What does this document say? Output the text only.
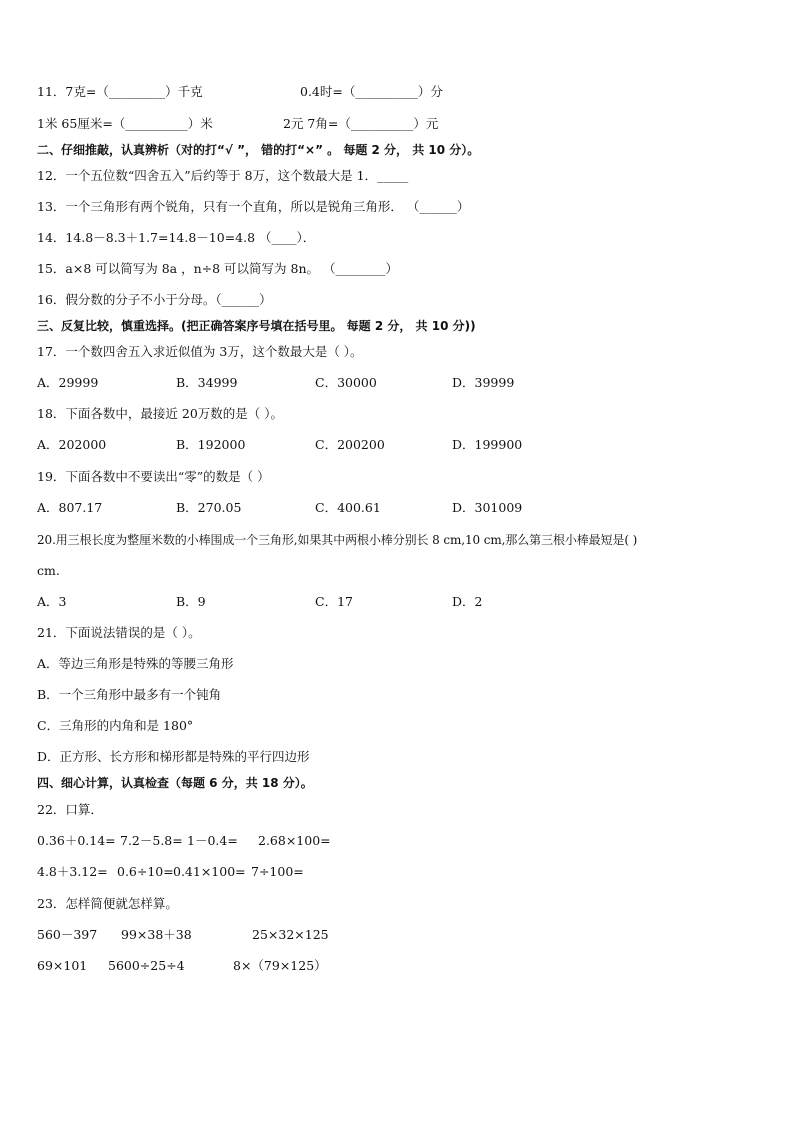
11．7克=（_________）千克	0.4时=（__________）分
1米 65厘米=（__________）米	2元 7角=（__________）元
二、仔细推敲，认真辨析（对的打“√ ”， 错的打“×” 。 每题 2 分， 共 10 分）。
12．一个五位数“四舍五入”后约等于 8万，这个数最大是 1．_____
13．一个三角形有两个锐角，只有一个直角，所以是锐角三角形． （______）
14．14.8－8.3＋1.7=14.8－10=4.8 （____）．
15．a×8 可以简写为 8a ，n÷8 可以简写为 8n。 （________）
16．假分数的分子不小于分母。（______）
三、反复比较，慎重选择。(把正确答案序号填在括号里。 每题 2 分， 共 10 分))
17．一个数四舍五入求近似值为 3万，这个数最大是（ ）。
A．29999	B．34999	C．30000	D．39999
18．下面各数中，最接近 20万数的是（ ）。
A．202000	B．192000	C．200200	D．199900
19．下面各数中不要读出“零”的数是（ ）
A．807.17	B．270.05	C．400.61	D．301009
20.用三根长度为整厘米数的小棒围成一个三角形,如果其中两根小棒分别长 8 cm,10 cm,那么第三根小棒最短是( )
cm.
A．3	B．9	C．17	D．2
21．下面说法错误的是（ ）。
A．等边三角形是特殊的等腰三角形
B．一个三角形中最多有一个钝角
C．三角形的内角和是 180°
D．正方形、长方形和梯形都是特殊的平行四边形
四、细心计算，认真检查（每题 6 分，共 18 分）。
22．口算．
0.36＋0.14= 7.2－5.8= 1－0.4= 2.68×100=
4.8＋3.12= 0.6÷10= 0.41×100= 7÷100=
23．怎样简便就怎样算。
560－397 99×38＋38	25×32×125
69×101 5600÷25÷4	8×（79×125）
